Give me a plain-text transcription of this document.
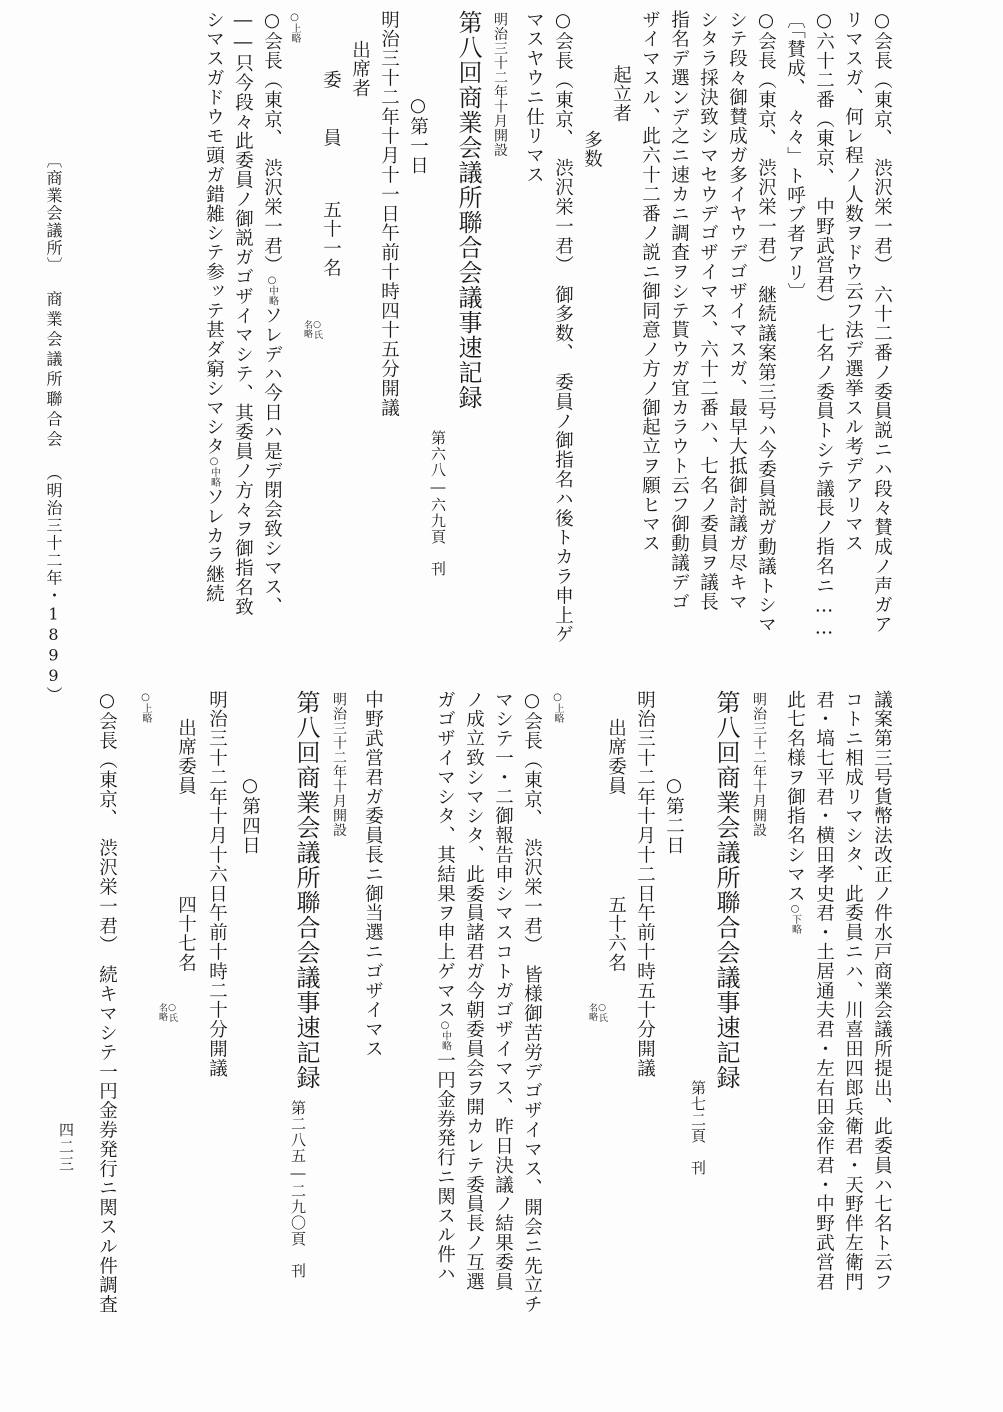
○会長（東京、　渋沢栄一君）　六十二番ノ委員説ニハ段々賛成ノ声ガア
リマスガ、何レ程ノ人数ヲドウ云フ法デ選挙スル考デアリマス
○六十二番（東京、　中野武営君）　七名ノ委員トシテ議長ノ指名ニ……
〔「賛成、　々々」ト呼ブ者アリ〕
○会長（東京、　渋沢栄一君）　継続議案第三号ハ今委員説ガ動議トシマ
シテ段々御賛成ガ多イヤウデゴザイマスガ、最早大抵御討議ガ尽キマ
シタラ採決致シマセウデゴザイマス、六十二番ハ、七名ノ委員ヲ議長
指名デ選ンデ之ニ速カニ調査ヲシテ貰ウガ宜カラウト云フ御動議デゴ
ザイマスル、此六十二番ノ説ニ御同意ノ方ノ御起立ヲ願ヒマス
起立者
多数
○会長（東京、　渋沢栄一君）　御多数、　委員ノ御指名ハ後トカラ申上ゲ
マスヤウニ仕リマス
明治三十二年十月開設
第八回商業会議所聯合会議事速記録
第六八―六九頁　刊
○第一日
明治三十二年十月十一日午前十時四十五分開議
出席者
委　　員
五十一名
○氏
名略
○上略
○会長（東京、　渋沢栄一君）○中略ソレデハ今日ハ是デ閉会致シマス、
――只今段々此委員ノ御説ガゴザイマシテ、其委員ノ方々ヲ御指名致
シマスガドウモ頭ガ錯雑シテ参ッテ甚ダ窮シマシタ○中略ソレカラ継続
議案第三号貨幣法改正ノ件水戸商業会議所提出、此委員ハ七名ト云フ
コトニ相成リマシタ、此委員ニハ、川喜田四郎兵衛君・天野伴左衛門
君・塙七平君・横田孝史君・土居通夫君・左右田金作君・中野武営君
此七名様ヲ御指名シマス○下略
明治三十二年十月開設
第八回商業会議所聯合会議事速記録
第七二頁　刊
○第二日
明治三十二年十月十二日午前十時五十分開議
出席委員
五十六名
○氏
名略
○上略
○会長（東京、　渋沢栄一君）　皆様御苦労デゴザイマス、開会ニ先立チ
マシテ一・二御報告申シマスコトガゴザイマス、昨日決議ノ結果委員
ノ成立致シマシタ、此委員諸君ガ今朝委員会ヲ開カレテ委員長ノ互選
ガゴザイマシタ、其結果ヲ申上ゲマス○中略一円金券発行ニ関スル件ハ
中野武営君ガ委員長ニ御当選ニゴザイマス
明治三十二年十月開設
第八回商業会議所聯合会議事速記録
第二八五―二九〇頁　刊
○第四日
明治三十二年十月十六日午前十時二十分開議
出席委員
四十七名
○氏
名略
○上略
○会長（東京、　渋沢栄一君）　続キマシテ一円金券発行ニ関スル件調査
〔商業会議所〕商業会議所聯合会（明治三十二年・1899）
四二三
